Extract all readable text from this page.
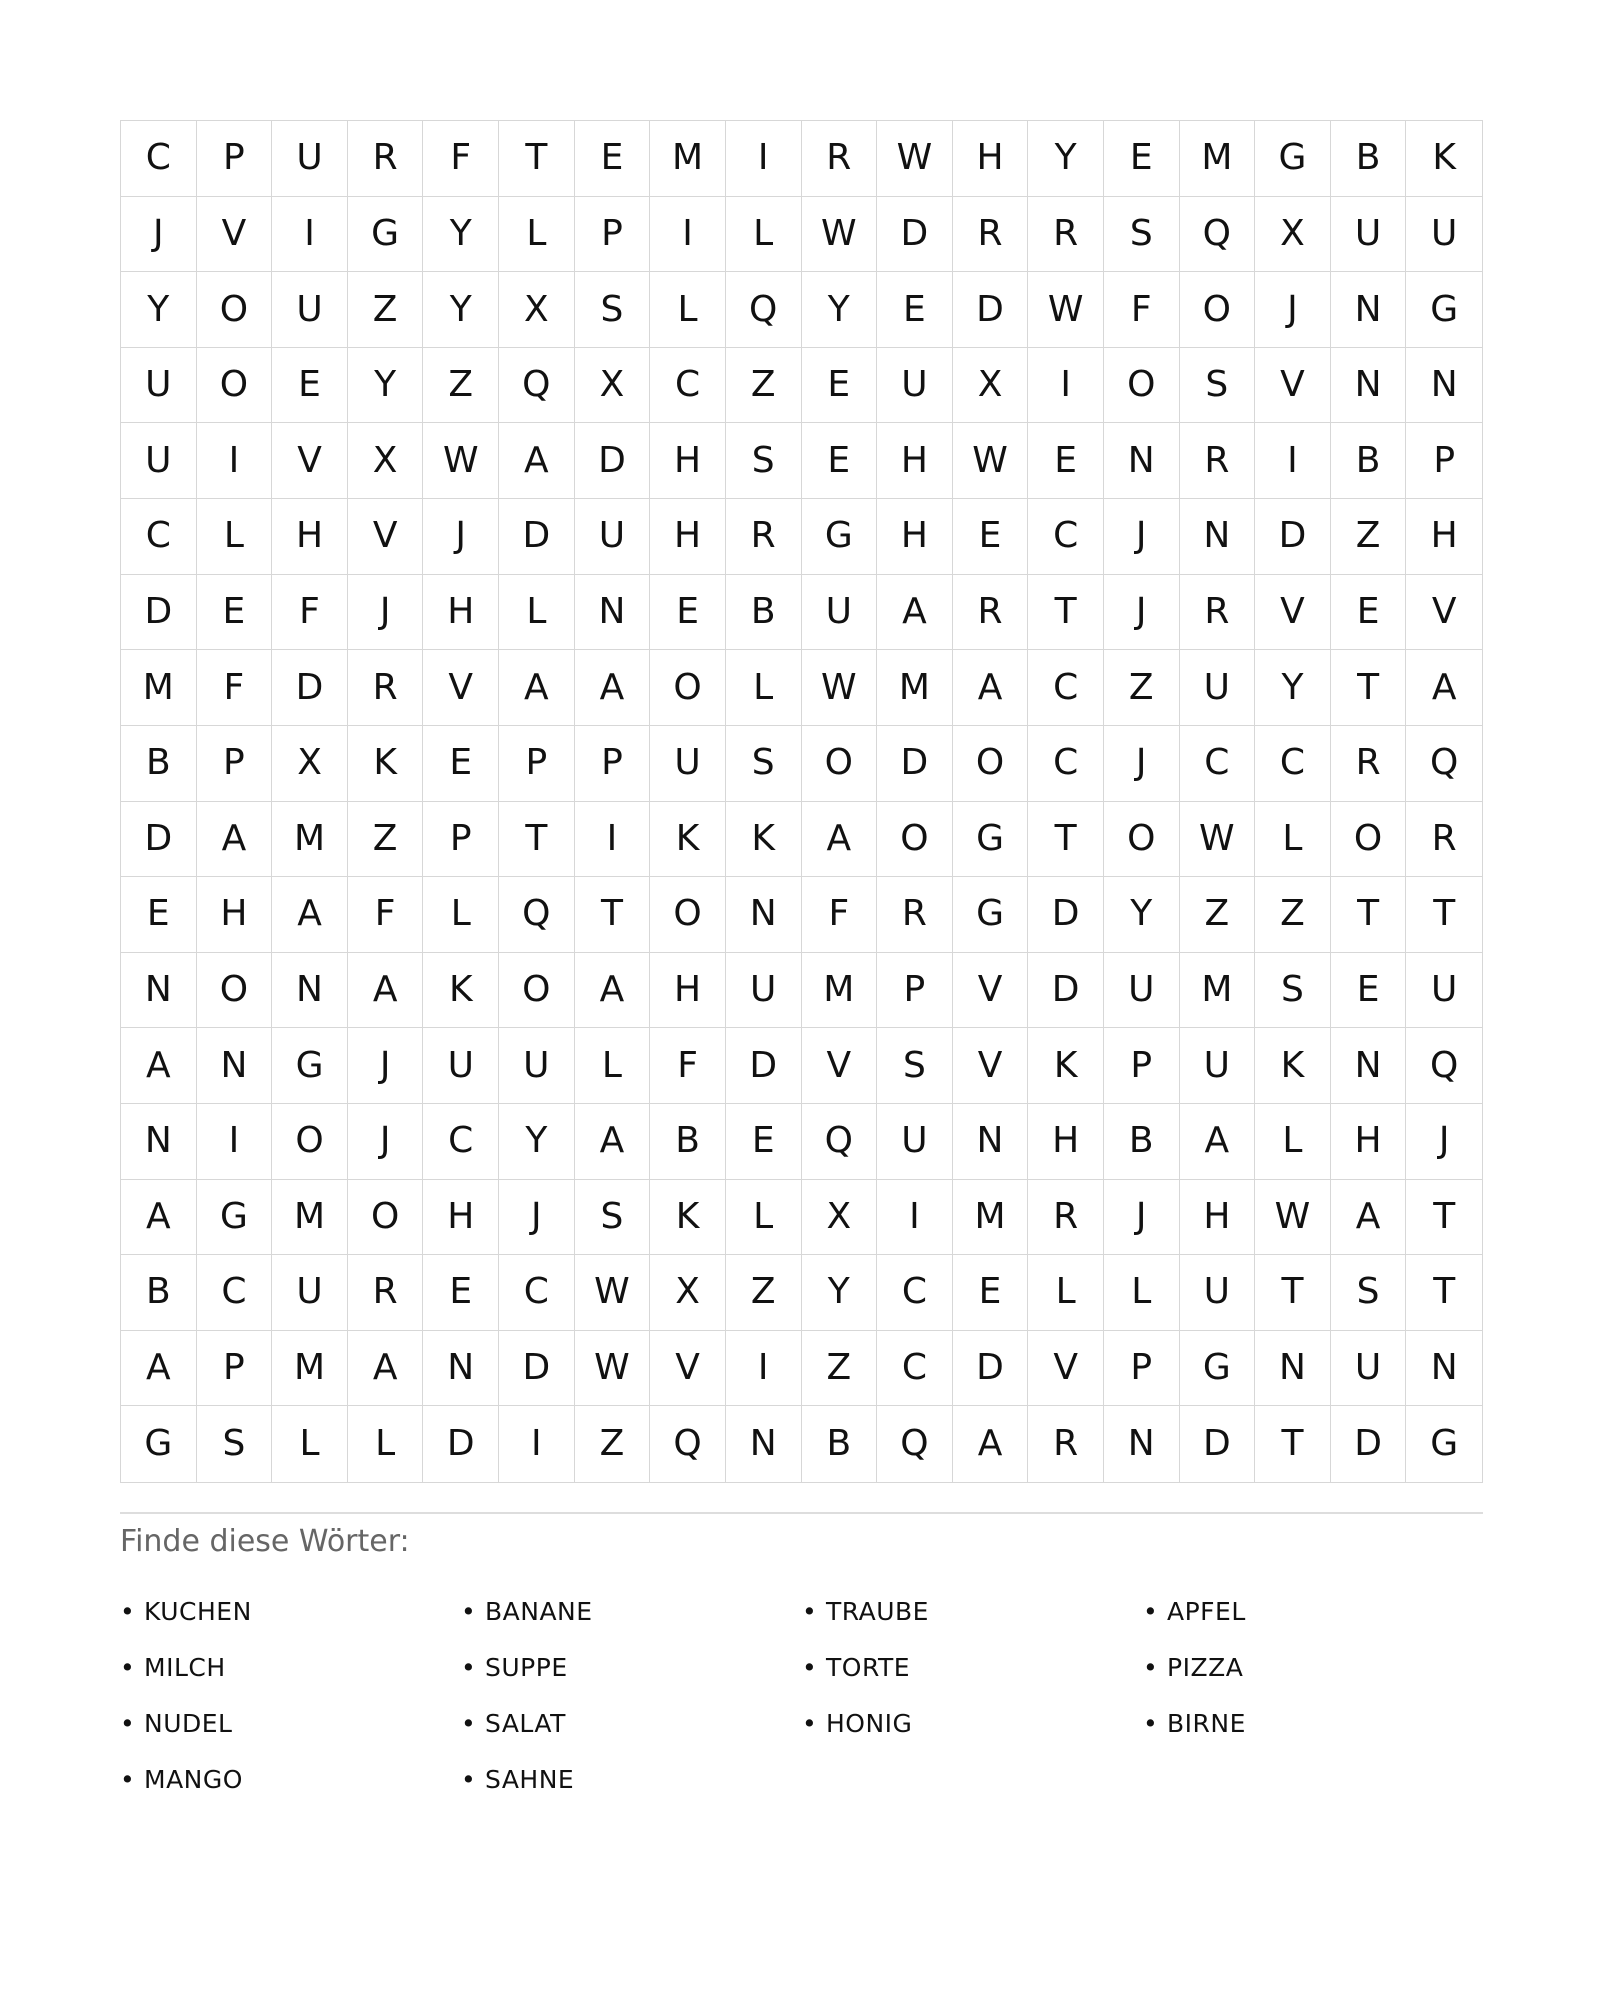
C	P	U	R	F	T	E	M	I	R	W	H	Y	E	M	G	B	K
J	V	I	G	Y	L	P	I	L	W	D	R	R	S	Q	X	U	U
Y	O	U	Z	Y	X	S	L	Q	Y	E	D	W	F	O	J	N	G
U	O	E	Y	Z	Q	X	C	Z	E	U	X	I	O	S	V	N	N
U	I	V	X	W	A	D	H	S	E	H	W	E	N	R	I	B	P
C	L	H	V	J	D	U	H	R	G	H	E	C	J	N	D	Z	H
D	E	F	J	H	L	N	E	B	U	A	R	T	J	R	V	E	V
M	F	D	R	V	A	A	O	L	W	M	A	C	Z	U	Y	T	A
B	P	X	K	E	P	P	U	S	O	D	O	C	J	C	C	R	Q
D	A	M	Z	P	T	I	K	K	A	O	G	T	O	W	L	O	R
E	H	A	F	L	Q	T	O	N	F	R	G	D	Y	Z	Z	T	T
N	O	N	A	K	O	A	H	U	M	P	V	D	U	M	S	E	U
A	N	G	J	U	U	L	F	D	V	S	V	K	P	U	K	N	Q
N	I	O	J	C	Y	A	B	E	Q	U	N	H	B	A	L	H	J
A	G	M	O	H	J	S	K	L	X	I	M	R	J	H	W	A	T
B	C	U	R	E	C	W	X	Z	Y	C	E	L	L	U	T	S	T
A	P	M	A	N	D	W	V	I	Z	C	D	V	P	G	N	U	N
G	S	L	L	D	I	Z	Q	N	B	Q	A	R	N	D	T	D	G
Finde diese Wörter:
• KUCHEN	• BANANE	• TRAUBE	• APFEL
• MILCH	• SUPPE	• TORTE	• PIZZA
• NUDEL	• SALAT	• HONIG	• BIRNE
• MANGO	• SAHNE
